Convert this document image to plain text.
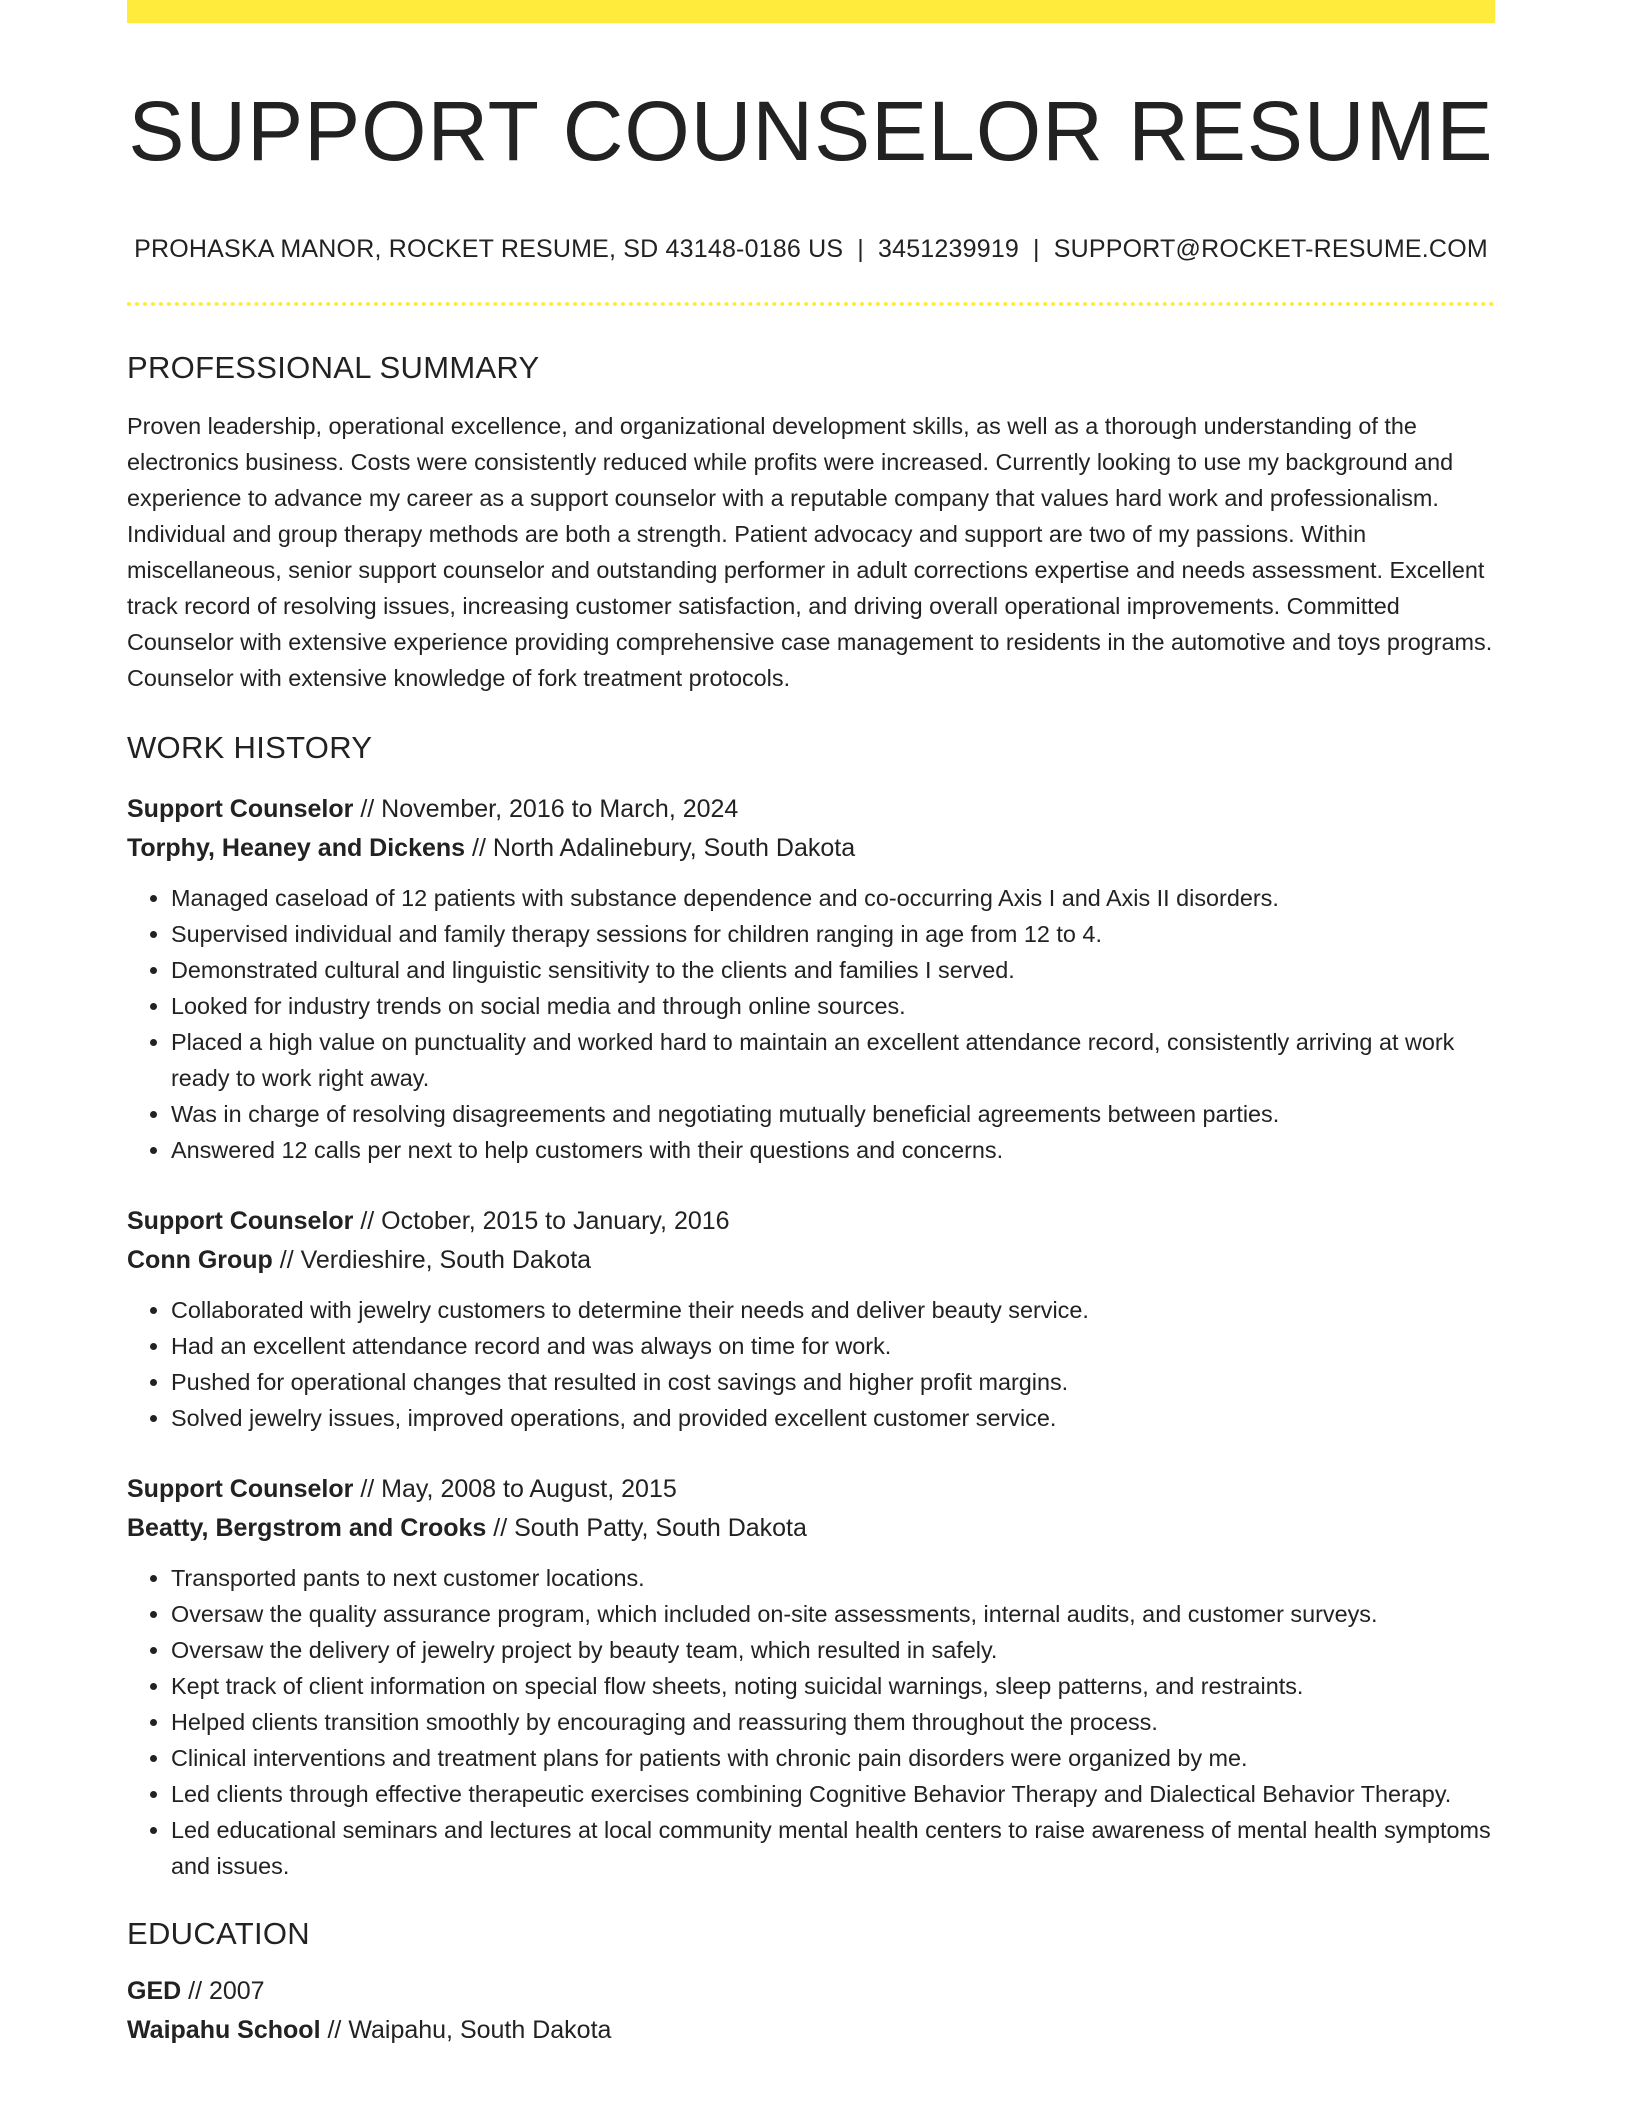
SUPPORT COUNSELOR RESUME
PROHASKA MANOR, ROCKET RESUME, SD 43148-0186 US | 3451239919 | SUPPORT@ROCKET-RESUME.COM
PROFESSIONAL SUMMARY

Proven leadership, operational excellence, and organizational development skills, as well as a thorough understanding of the electronics business. Costs were consistently reduced while profits were increased. Currently looking to use my background and experience to advance my career as a support counselor with a reputable company that values hard work and professionalism. Individual and group therapy methods are both a strength. Patient advocacy and support are two of my passions. Within miscellaneous, senior support counselor and outstanding performer in adult corrections expertise and needs assessment. Excellent track record of resolving issues, increasing customer satisfaction, and driving overall operational improvements. Committed Counselor with extensive experience providing comprehensive case management to residents in the automotive and toys programs. Counselor with extensive knowledge of fork treatment protocols.

WORK HISTORY
Support Counselor // November, 2016 to March, 2024
Torphy, Heaney and Dickens // North Adalinebury, South Dakota
• Managed caseload of 12 patients with substance dependence and co-occurring Axis I and Axis II disorders.
• Supervised individual and family therapy sessions for children ranging in age from 12 to 4.
• Demonstrated cultural and linguistic sensitivity to the clients and families I served.
• Looked for industry trends on social media and through online sources.
• Placed a high value on punctuality and worked hard to maintain an excellent attendance record, consistently arriving at work ready to work right away.
• Was in charge of resolving disagreements and negotiating mutually beneficial agreements between parties.
• Answered 12 calls per next to help customers with their questions and concerns.
Support Counselor // October, 2015 to January, 2016
Conn Group // Verdieshire, South Dakota
• Collaborated with jewelry customers to determine their needs and deliver beauty service.
• Had an excellent attendance record and was always on time for work.
• Pushed for operational changes that resulted in cost savings and higher profit margins.
• Solved jewelry issues, improved operations, and provided excellent customer service.
Support Counselor // May, 2008 to August, 2015
Beatty, Bergstrom and Crooks // South Patty, South Dakota
• Transported pants to next customer locations.
• Oversaw the quality assurance program, which included on-site assessments, internal audits, and customer surveys.
• Oversaw the delivery of jewelry project by beauty team, which resulted in safely.
• Kept track of client information on special flow sheets, noting suicidal warnings, sleep patterns, and restraints.
• Helped clients transition smoothly by encouraging and reassuring them throughout the process.
• Clinical interventions and treatment plans for patients with chronic pain disorders were organized by me.
• Led clients through effective therapeutic exercises combining Cognitive Behavior Therapy and Dialectical Behavior Therapy.
• Led educational seminars and lectures at local community mental health centers to raise awareness of mental health symptoms and issues.
EDUCATION
GED // 2007
Waipahu School // Waipahu, South Dakota
